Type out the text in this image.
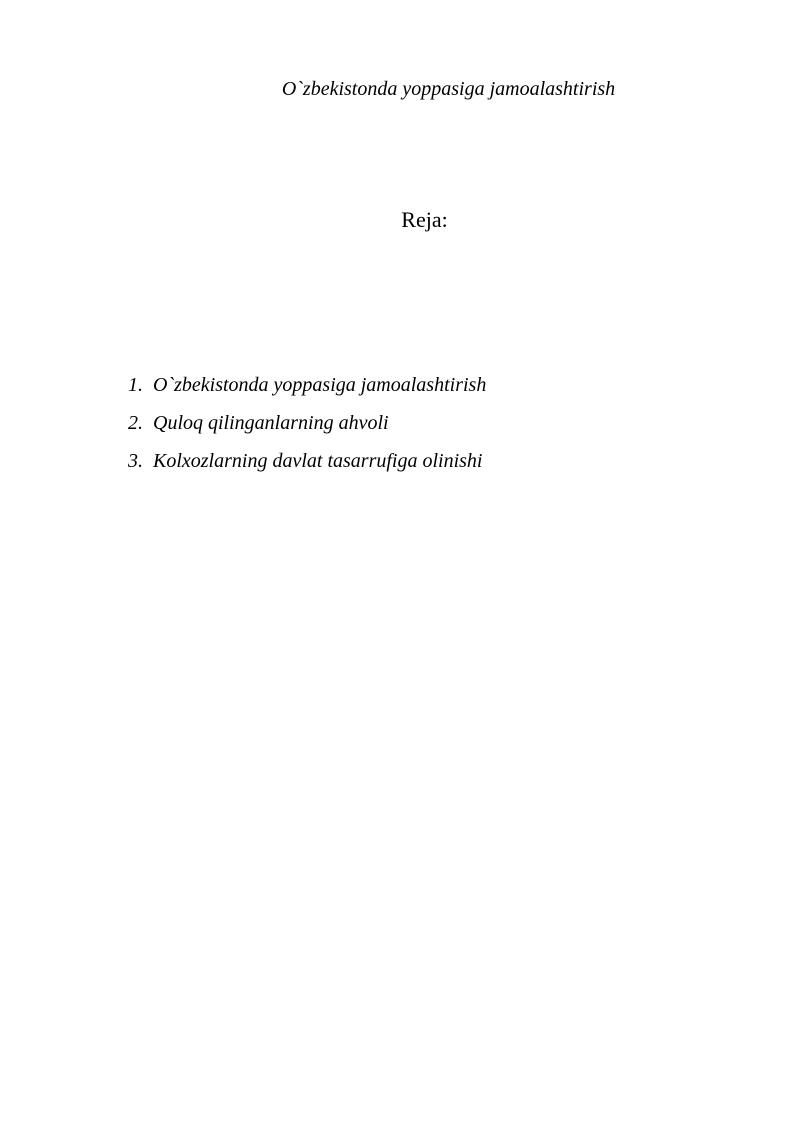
O`zbekistonda yoppasiga jamoalashtirish
Reja:
1. O`zbekistonda yoppasiga jamoalashtirish
2. Quloq qilinganlarning ahvoli
3. Kolxozlarning davlat tasarrufiga olinishi
